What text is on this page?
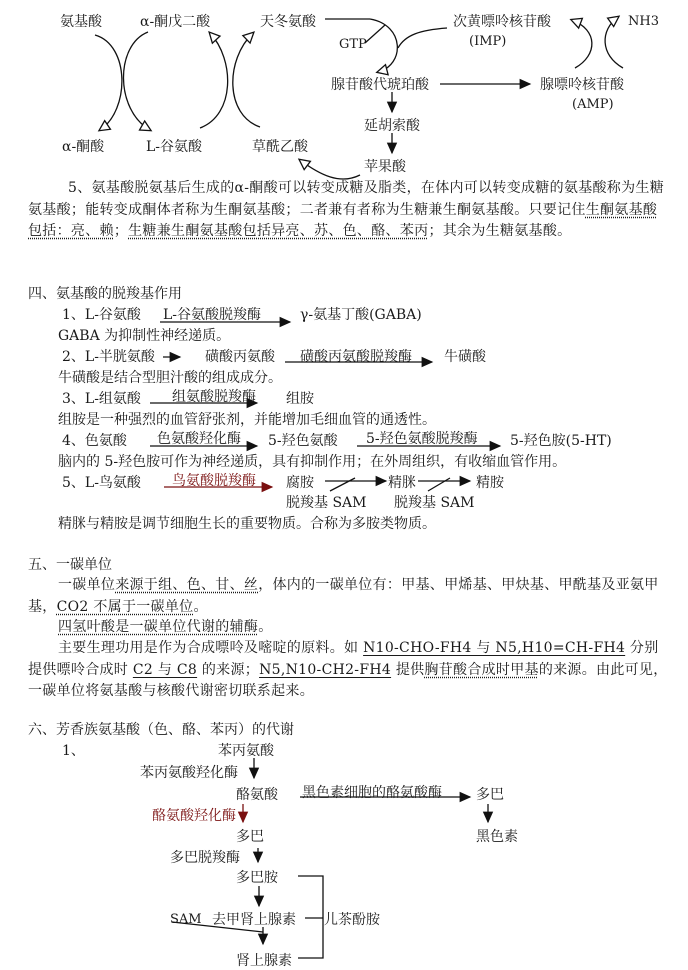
氨基酸	α-酮戊二酸	天冬氨酸
GTP
次黄嘌呤核苷酸
(IMP)
NH3
腺苷酸代琥珀酸	腺嘌呤核苷酸
(AMP)
延胡索酸
苹果酸
α-酮酸	L-谷氨酸	草酰乙酸
5、氨基酸脱氨基后生成的α-酮酸可以转变成糖及脂类，在体内可以转变成糖的氨基酸称为生糖氨基酸；能转变成酮体者称为生酮氨基酸；二者兼有者称为生糖兼生酮氨基酸。只要记住生酮氨基酸包括：亮、赖；生糖兼生酮氨基酸包括异亮、苏、色、酪、苯丙；其余为生糖氨基酸。
四、氨基酸的脱羧基作用
1、L-谷氨酸 L-谷氨酸脱羧酶	γ-氨基丁酸(GABA)
GABA 为抑制性神经递质。
2、L-半胱氨酸	磺酸丙氨酸 磺酸丙氨酸脱羧酶 牛磺酸
牛磺酸是结合型胆汁酸的组成成分。
3、L-组氨酸 组氨酸脱羧酶 组胺
组胺是一种强烈的血管舒张剂，并能增加毛细血管的通透性。
4、色氨酸 色氨酸羟化酶 5-羟色氨酸 5-羟色氨酸脱羧酶 5-羟色胺(5-HT)
脑内的 5-羟色胺可作为神经递质，具有抑制作用；在外周组织，有收缩血管作用。
5、L-鸟氨酸 鸟氨酸脱羧酶 腐胺	精脒	精胺
脱羧基 SAM 脱羧基 SAM
精脒与精胺是调节细胞生长的重要物质。合称为多胺类物质。
五、一碳单位
一碳单位来源于组、色、甘、丝，体内的一碳单位有：甲基、甲烯基、甲炔基、甲酰基及亚氨甲基，CO2 不属于一碳单位。
四氢叶酸是一碳单位代谢的辅酶。
主要生理功用是作为合成嘌呤及嘧啶的原料。如 N10-CHO-FH4 与 N5,H10=CH-FH4 分别提供嘌呤合成时 C2 与 C8 的来源；N5,N10-CH2-FH4 提供胸苷酸合成时甲基的来源。由此可见，一碳单位将氨基酸与核酸代谢密切联系起来。
六、芳香族氨基酸（色、酪、苯丙）的代谢
1、	苯丙氨酸
苯丙氨酸羟化酶
酪氨酸 黑色素细胞的酪氨酸酶 多巴
黑色素
酪氨酸羟化酶
多巴
多巴脱羧酶
多巴胺
SAM 去甲肾上腺素 儿茶酚胺
肾上腺素
